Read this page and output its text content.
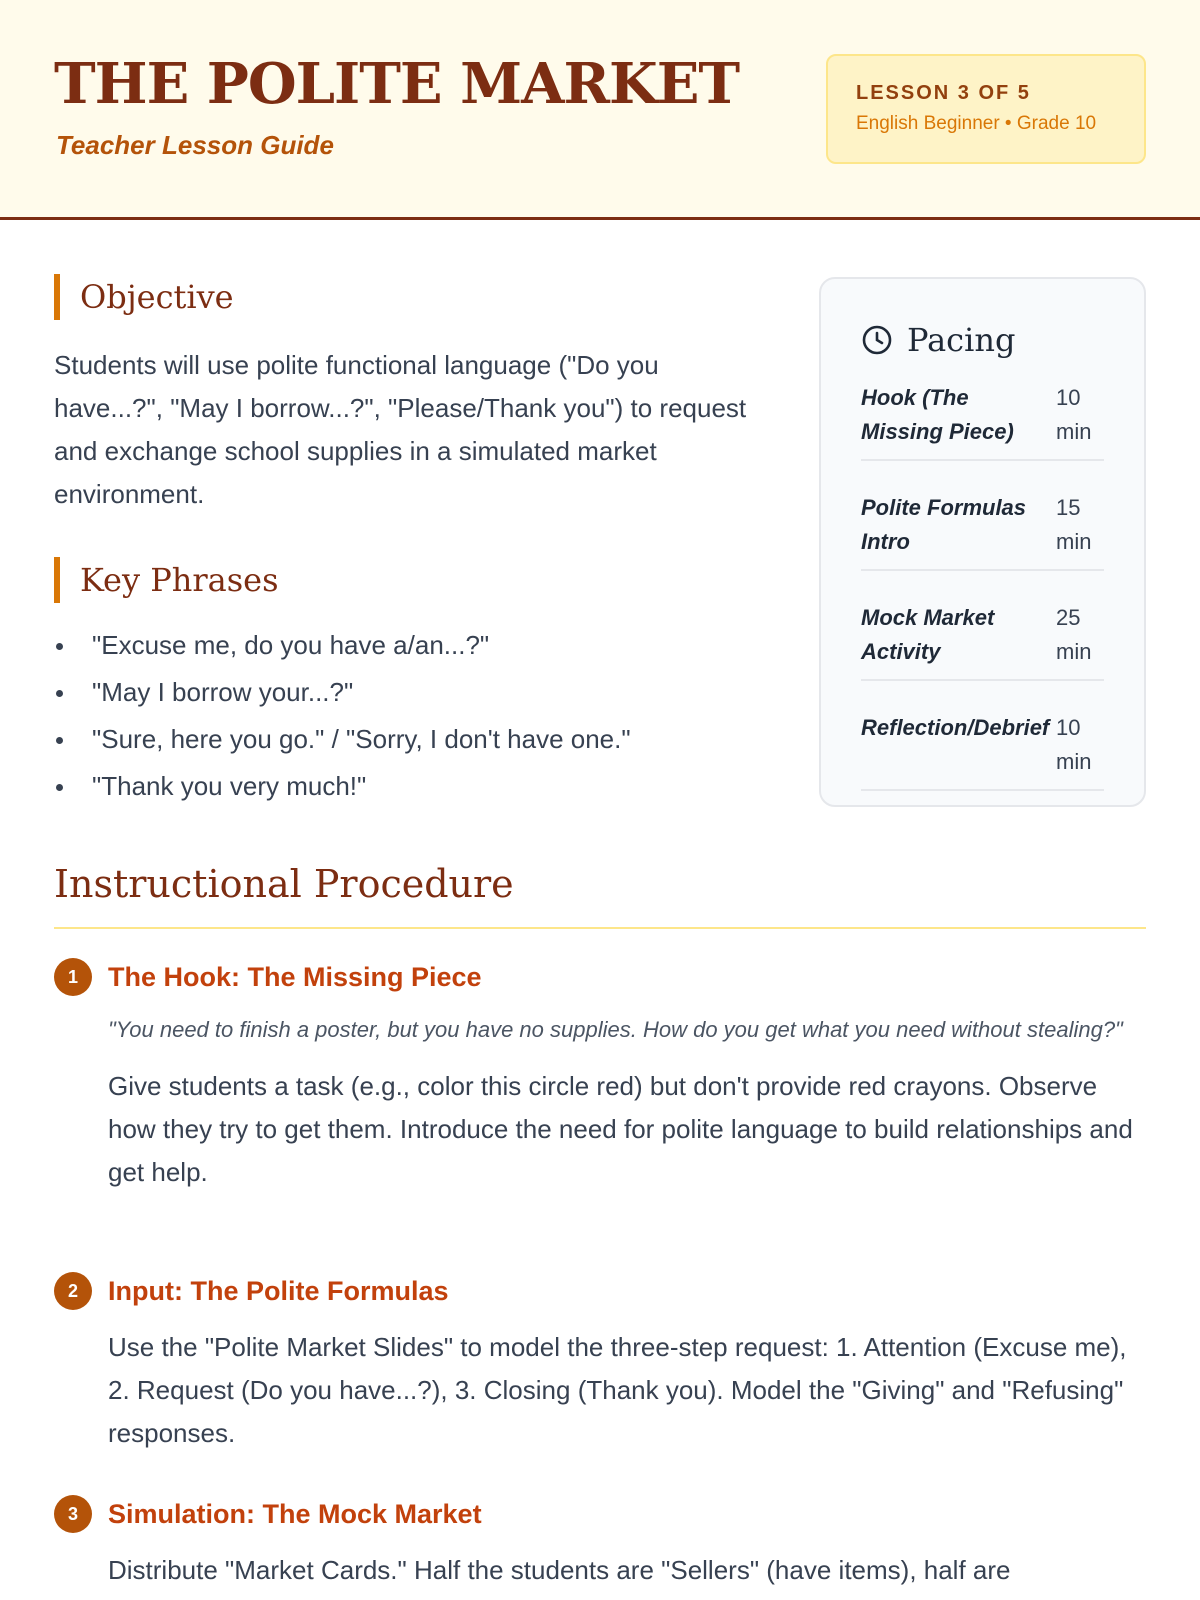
THE POLITE MARKET
Teacher Lesson Guide
LESSON 3 OF 5
English Beginner • Grade 10
Objective

Students will use polite functional language ("Do you have...?", "May I borrow...?", "Please/Thank you") to request and exchange school supplies in a simulated market environment.

Key Phrases
"Excuse me, do you have a/an...?"
"May I borrow your...?"
"Sure, here you go." / "Sorry, I don't have one."
"Thank you very much!"
Pacing
Hook (The Missing Piece)
10 min
Polite Formulas Intro
15 min
Mock Market Activity
25 min
Reflection/Debrief 10 min
Instructional Procedure
1	The Hook: The Missing Piece
"You need to finish a poster, but you have no supplies. How do you get what you need without stealing?"
Give students a task (e.g., color this circle red) but don't provide red crayons. Observe how they try to get them. Introduce the need for polite language to build relationships and get help.
2	Input: The Polite Formulas
Use the "Polite Market Slides" to model the three-step request: 1. Attention (Excuse me), 2. Request (Do you have...?), 3. Closing (Thank you). Model the "Giving" and "Refusing" responses.
3	Simulation: The Mock Market
Distribute "Market Cards." Half the students are "Sellers" (have items), half are
